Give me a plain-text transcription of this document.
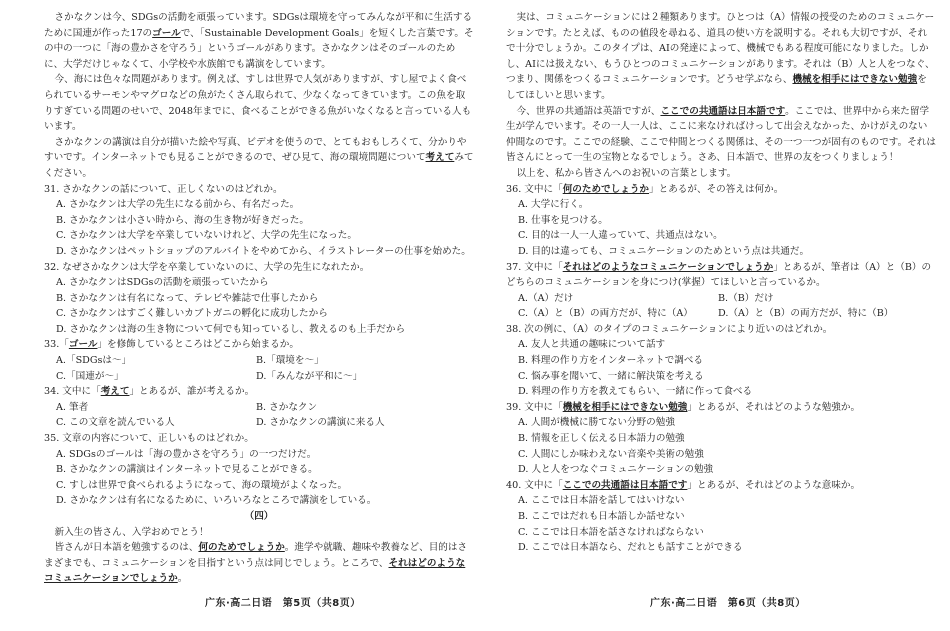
さかなクンは今、SDGsの活動を頑張っています。SDGsは環境を守ってみんなが平和に生活するために国連が作った17のゴールで、「Sustainable Development Goals」を短くした言葉です。その中の一つに「海の豊かさを守ろう」というゴールがあります。さかなクンはそのゴールのために、大学だけじゃなくて、小学校や水族館でも講演をしています。

今、海には色々な問題があります。例えば、すしは世界で人気がありますが、すし屋でよく食べられているサーモンやマグロなどの魚がたくさん取られて、少なくなってきています。この魚を取りすぎている問題のせいで、2048年までに、食べることができる魚がいなくなると言っている人もいます。

さかなクンの講演は自分が描いた絵や写真、ビデオを使うので、とてもおもしろくて、分かりやすいです。インターネットでも見ることができるので、ぜひ見て、海の環境問題について考えてみてください。

31. さかなクンの話について、正しくないのはどれか。

A. さかなクンは大学の先生になる前から、有名だった。

B. さかなクンは小さい時から、海の生き物が好きだった。

C. さかなクンは大学を卒業していないけれど、大学の先生になった。

D. さかなクンはペットショップのアルバイトをやめてから、イラストレーターの仕事を始めた。

32. なぜさかなクンは大学を卒業していないのに、大学の先生になれたか。

A. さかなクンはSDGsの活動を頑張っていたから

B. さかなクンは有名になって、テレビや雑誌で仕事したから

C. さかなクンはすごく難しいカブトガニの孵化に成功したから

D. さかなクンは海の生き物について何でも知っているし、教えるのも上手だから

33.「ゴール」を修飾しているところはどこから始まるか。

A.「SDGsは～」	B.「環境を～」
C.「国連が～」	D.「みんなが平和に～」

34. 文中に「考えて」とあるが、誰が考えるか。

A. 筆者	B. さかなクン
C. この文章を読んでいる人	D. さかなクンの講演に来る人

35. 文章の内容について、正しいものはどれか。

A. SDGsのゴールは「海の豊かさを守ろう」の一つだけだ。

B. さかなクンの講演はインターネットで見ることができる。

C. すしは世界で食べられるようになって、海の環境がよくなった。

D. さかなクンは有名になるために、いろいろなところで講演をしている。

（四）

新入生の皆さん、入学おめでとう！

皆さんが日本語を勉強するのは、何のためでしょうか。進学や就職、趣味や教養など、目的はさまざまでも、コミュニケーションを目指すという点は同じでしょう。ところで、それはどのようなコミュニケーションでしょうか。

実は、コミュニケーションには２種類あります。ひとつは（A）情報の授受のためのコミュニケーションです。たとえば、ものの値段を尋ねる、道具の使い方を説明する。それも大切ですが、それで十分でしょうか。このタイプは、AIの発達によって、機械でもある程度可能になりました。しかし、AIには扱えない、もうひとつのコミュニケーションがあります。それは（B）人と人をつなぐ、つまり、関係をつくるコミュニケーションです。どうせ学ぶなら、機械を相手にはできない勉強をしてほしいと思います。

今、世界の共通語は英語ですが、ここでの共通語は日本語です。ここでは、世界中から来た留学生が学んでいます。その一人一人は、ここに来なければけっして出会えなかった、かけがえのない仲間なのです。ここでの経験、ここで仲間とつくる関係は、その一つ一つが固有のものです。それは皆さんにとって一生の宝物となるでしょう。さあ、日本語で、世界の友をつくりましょう！

以上を、私から皆さんへのお祝いの言葉とします。

36. 文中に「何のためでしょうか」とあるが、その答えは何か。

A. 大学に行く。

B. 仕事を見つける。

C. 目的は一人一人違っていて、共通点はない。

D. 目的は違っても、コミュニケーションのためという点は共通だ。

37. 文中に「それはどのようなコミュニケーションでしょうか」とあるが、筆者は（A）と（B）のどちらのコミュニケーションを身につけ(掌握）てほしいと言っているか。

A.（A）だけ	B.（B）だけ
C.（A）と（B）の両方だが、特に（A）	D.（A）と（B）の両方だが、特に（B）

38. 次の例に、（A）のタイプのコミュニケーションにより近いのはどれか。

A. 友人と共通の趣味について話す

B. 料理の作り方をインターネットで調べる

C. 悩み事を聞いて、一緒に解決策を考える

D. 料理の作り方を教えてもらい、一緒に作って食べる

39. 文中に「機械を相手にはできない勉強」とあるが、それはどのような勉強か。

A. 人間が機械に勝てない分野の勉強

B. 情報を正しく伝える日本語力の勉強

C. 人間にしか味わえない音楽や美術の勉強

D. 人と人をつなぐコミュニケーションの勉強

40. 文中に「ここでの共通語は日本語です」とあるが、それはどのような意味か。

A. ここでは日本語を話してはいけない

B. ここではだれも日本語しか話せない

C. ここでは日本語を話さなければならない

D. ここでは日本語なら、だれとも話すことができる

广东·高二日语　第5页（共8页）	广东·高二日语　第6页（共8页）
